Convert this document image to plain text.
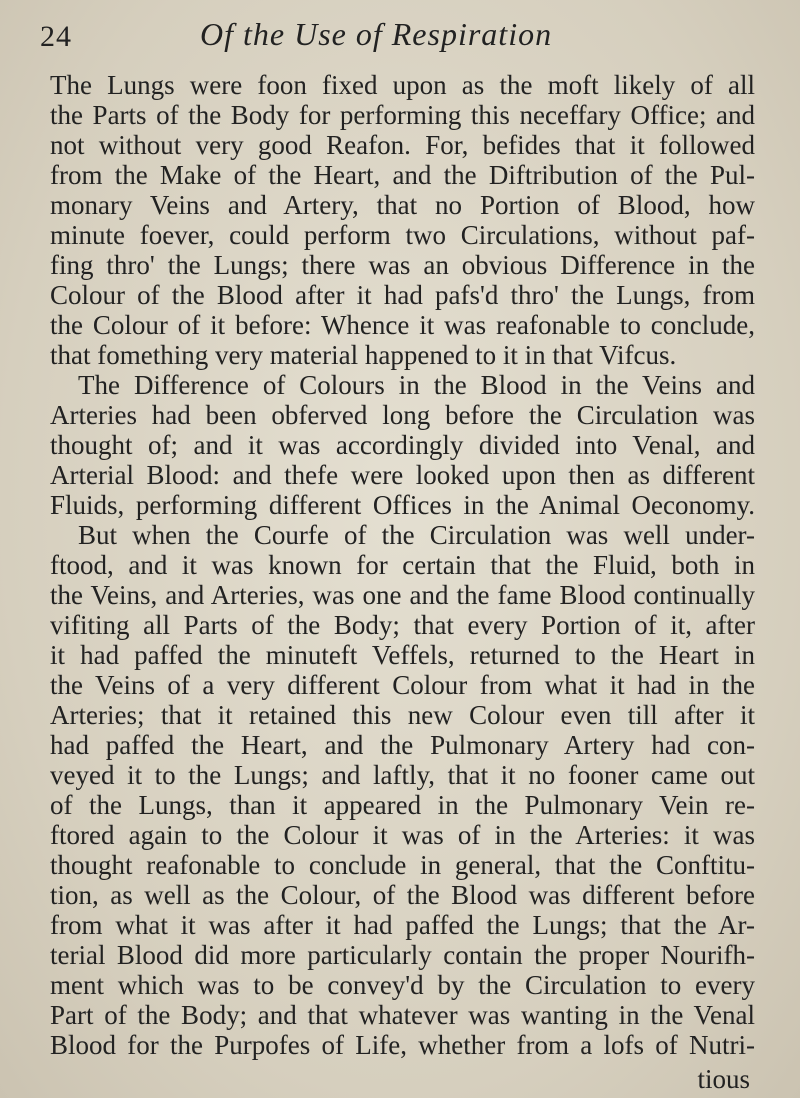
24	Of the Use of Respiration
The Lungs were foon fixed upon as the moft likely of all
the Parts of the Body for performing this neceffary Office; and
not without very good Reafon. For, befides that it followed
from the Make of the Heart, and the Diftribution of the Pul-
monary Veins and Artery, that no Portion of Blood, how
minute foever, could perform two Circulations, without paf-
fing thro' the Lungs; there was an obvious Difference in the
Colour of the Blood after it had pafs'd thro' the Lungs, from
the Colour of it before: Whence it was reafonable to conclude,
that fomething very material happened to it in that Vifcus.
The Difference of Colours in the Blood in the Veins and
Arteries had been obferved long before the Circulation was
thought of; and it was accordingly divided into Venal, and
Arterial Blood: and thefe were looked upon then as different
Fluids, performing different Offices in the Animal Oeconomy.
But when the Courfe of the Circulation was well under-
ftood, and it was known for certain that the Fluid, both in
the Veins, and Arteries, was one and the fame Blood continually
vifiting all Parts of the Body; that every Portion of it, after
it had paffed the minuteft Veffels, returned to the Heart in
the Veins of a very different Colour from what it had in the
Arteries; that it retained this new Colour even till after it
had paffed the Heart, and the Pulmonary Artery had con-
veyed it to the Lungs; and laftly, that it no fooner came out
of the Lungs, than it appeared in the Pulmonary Vein re-
ftored again to the Colour it was of in the Arteries: it was
thought reafonable to conclude in general, that the Conftitu-
tion, as well as the Colour, of the Blood was different before
from what it was after it had paffed the Lungs; that the Ar-
terial Blood did more particularly contain the proper Nourifh-
ment which was to be convey'd by the Circulation to every
Part of the Body; and that whatever was wanting in the Venal
Blood for the Purpofes of Life, whether from a lofs of Nutri-
tious
